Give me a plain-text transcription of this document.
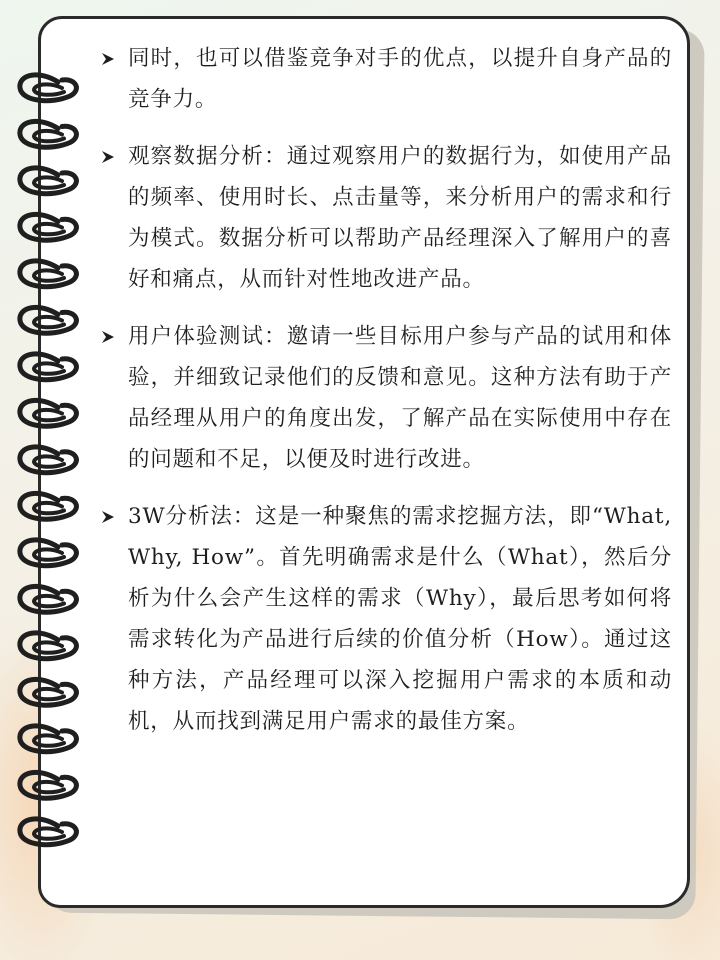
同时，也可以借鉴竞争对手的优点，以提升自身产品的竞争力。
观察数据分析：通过观察用户的数据行为，如使用产品的频率、使用时长、点击量等，来分析用户的需求和行为模式。数据分析可以帮助产品经理深入了解用户的喜好和痛点，从而针对性地改进产品。
用户体验测试：邀请一些目标用户参与产品的试用和体验，并细致记录他们的反馈和意见。这种方法有助于产品经理从用户的角度出发，了解产品在实际使用中存在的问题和不足，以便及时进行改进。
3W分析法：这是一种聚焦的需求挖掘方法，即“What, Why, How”。首先明确需求是什么（What），然后分析为什么会产生这样的需求（Why），最后思考如何将需求转化为产品进行后续的价值分析（How）。通过这种方法，产品经理可以深入挖掘用户需求的本质和动机，从而找到满足用户需求的最佳方案。
